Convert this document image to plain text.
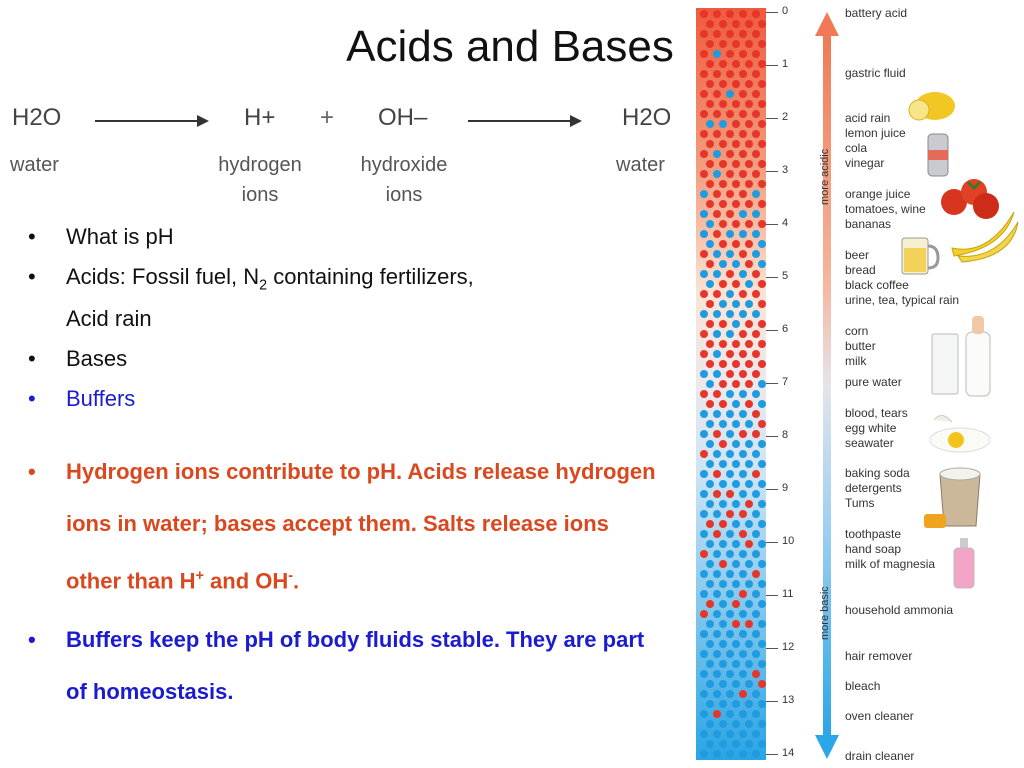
Acids and Bases
H2O	H+ + OH–	H2O
water	hydrogen
ions
hydroxide
ions
water
• What is pH
• Acids: Fossil fuel, $N_2$ containing fertilizers,
Acid rain
• Bases
• Buffers
• Hydrogen ions contribute to pH. Acids release hydrogen ions in water; bases accept them. Salts release ions other than H+ and OH-.
• Buffers keep the pH of body fluids stable. They are part of homeostasis.
0
1
2
3
4
5
6
7
8
9
10
11
12
13
14
more acidic
more basic
battery acid
gastric fluid
acid rain
lemon juice
cola
vinegar
orange juice
tomatoes, wine
bananas
beer
bread
black coffee
urine, tea, typical rain
corn
butter
milk
pure water
blood, tears
egg white
seawater
baking soda
detergents
Tums
toothpaste
hand soap
milk of magnesia
household ammonia
hair remover
bleach
oven cleaner
drain cleaner
